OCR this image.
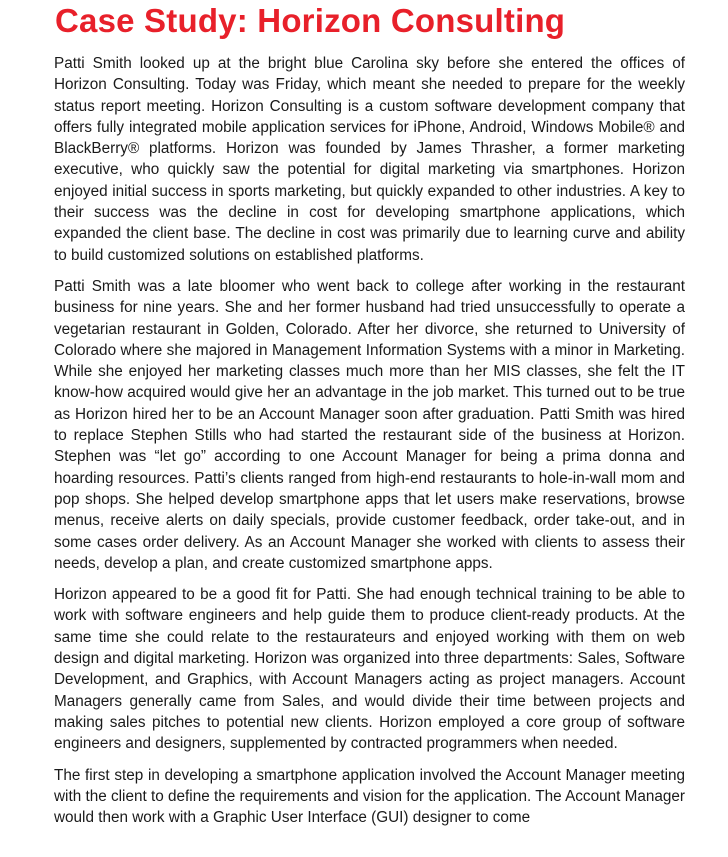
Case Study: Horizon Consulting

Patti Smith looked up at the bright blue Carolina sky before she entered the offices of Horizon Consulting. Today was Friday, which meant she needed to prepare for the weekly status report meeting. Horizon Consulting is a custom software development company that offers fully integrated mobile application services for iPhone, Android, Windows Mobile® and BlackBerry® platforms. Horizon was founded by James Thrasher, a former marketing executive, who quickly saw the potential for digital marketing via smartphones. Horizon enjoyed initial success in sports marketing, but quickly expanded to other industries. A key to their success was the decline in cost for developing smartphone applications, which expanded the client base. The decline in cost was primarily due to learning curve and ability to build customized solutions on established platforms.

Patti Smith was a late bloomer who went back to college after working in the restaurant business for nine years. She and her former husband had tried unsuccessfully to operate a vegetarian restaurant in Golden, Colorado. After her divorce, she returned to University of Colorado where she majored in Management Information Systems with a minor in Marketing. While she enjoyed her marketing classes much more than her MIS classes, she felt the IT know-how acquired would give her an advantage in the job market. This turned out to be true as Horizon hired her to be an Account Manager soon after graduation. Patti Smith was hired to replace Stephen Stills who had started the restaurant side of the business at Horizon. Stephen was “let go” according to one Account Manager for being a prima donna and hoarding resources. Patti’s clients ranged from high-end restaurants to hole-in-wall mom and pop shops. She helped develop smartphone apps that let users make reservations, browse menus, receive alerts on daily specials, provide customer feedback, order take-out, and in some cases order delivery. As an Account Manager she worked with clients to assess their needs, develop a plan, and create customized smartphone apps.

Horizon appeared to be a good fit for Patti. She had enough technical training to be able to work with software engineers and help guide them to produce client-ready products. At the same time she could relate to the restaurateurs and enjoyed working with them on web design and digital marketing. Horizon was organized into three departments: Sales, Software Development, and Graphics, with Account Managers acting as project managers. Account Managers generally came from Sales, and would divide their time between projects and making sales pitches to potential new clients. Horizon employed a core group of software engineers and designers, supplemented by contracted programmers when needed.

The first step in developing a smartphone application involved the Account Manager meeting with the client to define the requirements and vision for the application. The Account Manager would then work with a Graphic User Interface (GUI) designer to come
